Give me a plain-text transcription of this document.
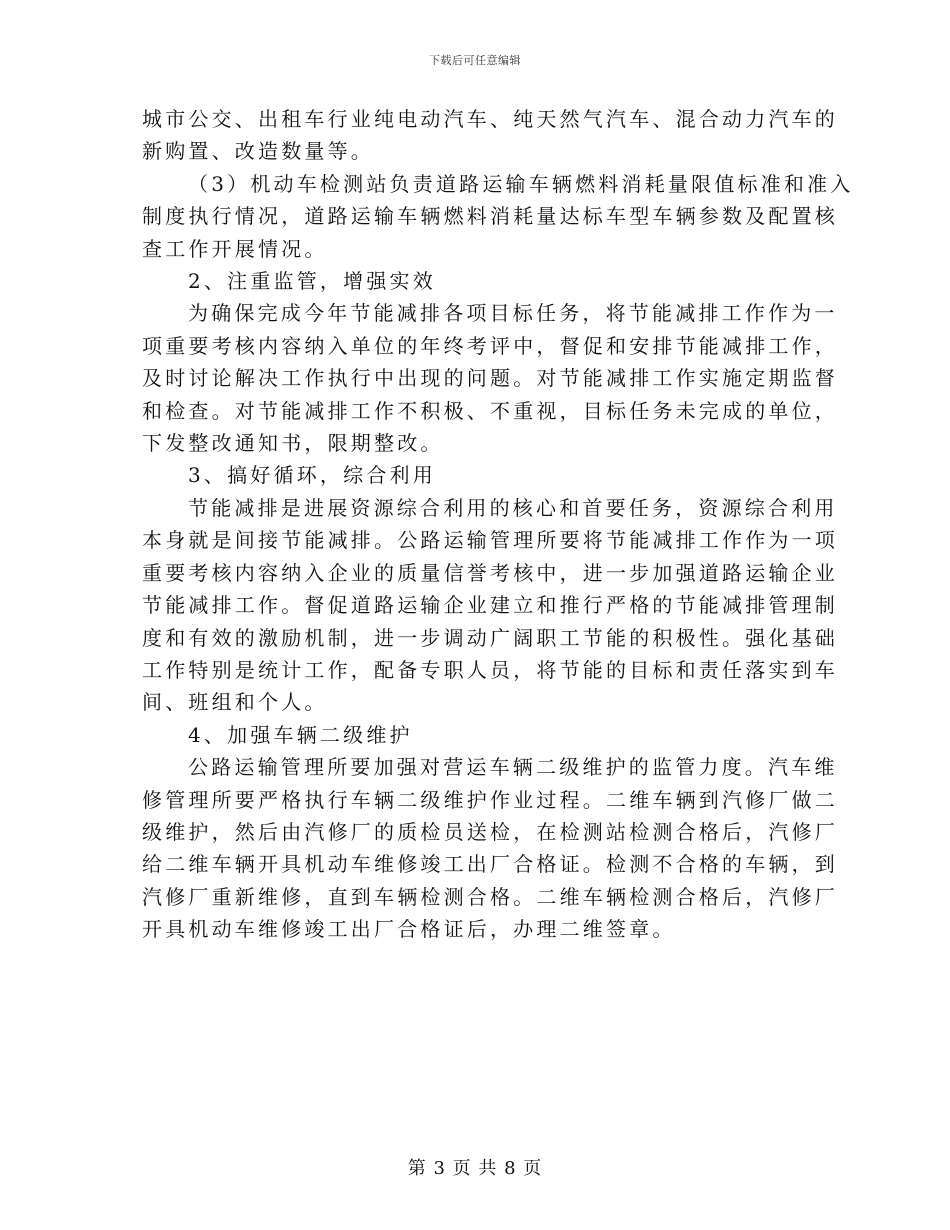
下载后可任意编辑
城市公交、出租车行业纯电动汽车、纯天然气汽车、混合动力汽车的
新购置、改造数量等。
（3）机动车检测站负责道路运输车辆燃料消耗量限值标准和准入
制度执行情况，道路运输车辆燃料消耗量达标车型车辆参数及配置核
查工作开展情况。
2、注重监管，增强实效
为确保完成今年节能减排各项目标任务，将节能减排工作作为一
项重要考核内容纳入单位的年终考评中，督促和安排节能减排工作，
及时讨论解决工作执行中出现的问题。对节能减排工作实施定期监督
和检查。对节能减排工作不积极、不重视，目标任务未完成的单位，
下发整改通知书，限期整改。
3、搞好循环，综合利用
节能减排是进展资源综合利用的核心和首要任务，资源综合利用
本身就是间接节能减排。公路运输管理所要将节能减排工作作为一项
重要考核内容纳入企业的质量信誉考核中，进一步加强道路运输企业
节能减排工作。督促道路运输企业建立和推行严格的节能减排管理制
度和有效的激励机制，进一步调动广阔职工节能的积极性。强化基础
工作特别是统计工作，配备专职人员，将节能的目标和责任落实到车
间、班组和个人。
4、加强车辆二级维护
公路运输管理所要加强对营运车辆二级维护的监管力度。汽车维
修管理所要严格执行车辆二级维护作业过程。二维车辆到汽修厂做二
级维护，然后由汽修厂的质检员送检，在检测站检测合格后，汽修厂
给二维车辆开具机动车维修竣工出厂合格证。检测不合格的车辆，到
汽修厂重新维修，直到车辆检测合格。二维车辆检测合格后，汽修厂
开具机动车维修竣工出厂合格证后，办理二维签章。
第 3 页 共 8 页
